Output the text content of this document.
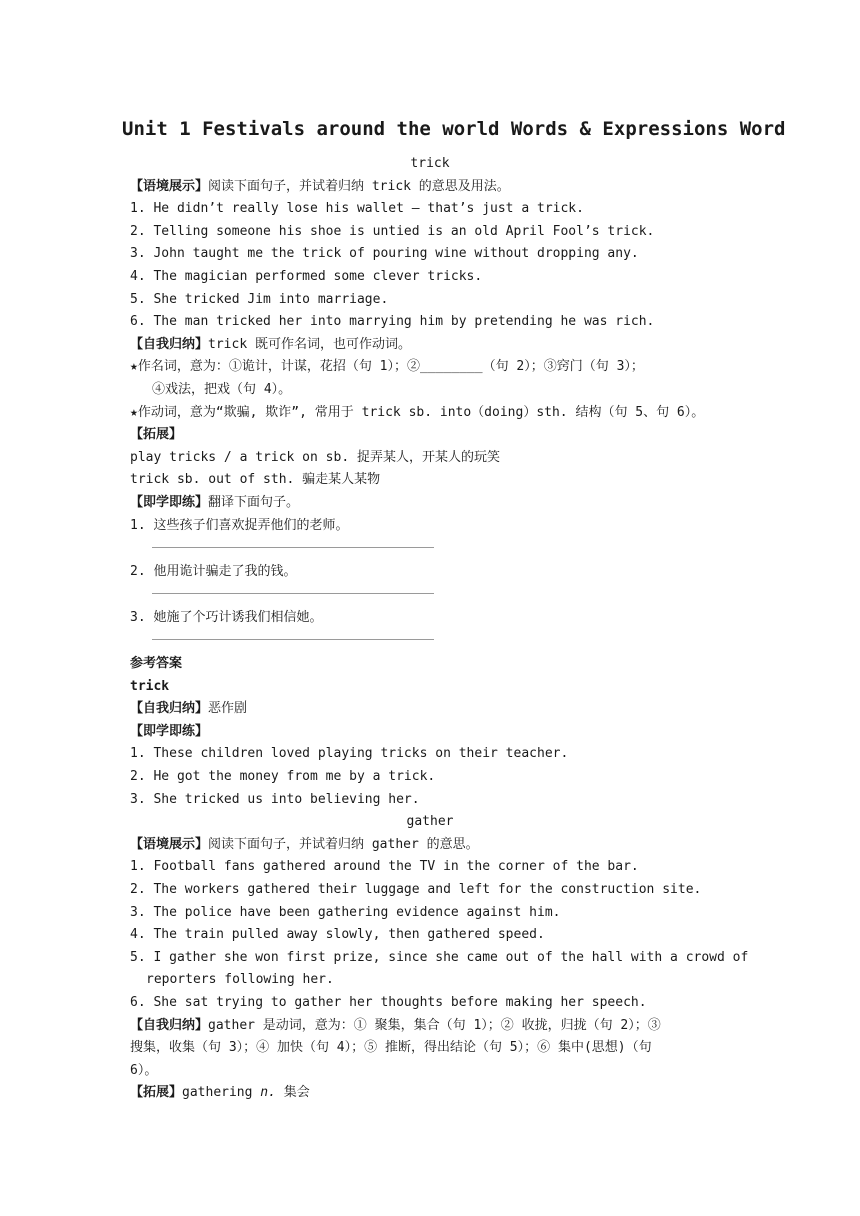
Unit 1 Festivals around the world Words & Expressions Word
trick
【语境展示】阅读下面句子，并试着归纳 trick 的意思及用法。
1. He didn’t really lose his wallet — that’s just a trick.
2. Telling someone his shoe is untied is an old April Fool’s trick.
3. John taught me the trick of pouring wine without dropping any.
4. The magician performed some clever tricks.
5. She tricked Jim into marriage.
6. The man tricked her into marrying him by pretending he was rich.
【自我归纳】trick 既可作名词，也可作动词。
★作名词，意为：①诡计，计谋，花招（句 1）；②________（句 2）；③窍门（句 3）；
④戏法，把戏（句 4）。
★作动词，意为“欺骗, 欺诈”, 常用于 trick sb. into（doing）sth. 结构（句 5、句 6）。
【拓展】
play tricks / a trick on sb. 捉弄某人，开某人的玩笑
trick sb. out of sth. 骗走某人某物
【即学即练】翻译下面句子。
1. 这些孩子们喜欢捉弄他们的老师。
2. 他用诡计骗走了我的钱。
3. 她施了个巧计诱我们相信她。
参考答案
trick
【自我归纳】恶作剧
【即学即练】
1. These children loved playing tricks on their teacher.
2. He got the money from me by a trick.
3. She tricked us into believing her.
gather
【语境展示】阅读下面句子，并试着归纳 gather 的意思。
1. Football fans gathered around the TV in the corner of the bar.
2. The workers gathered their luggage and left for the construction site.
3. The police have been gathering evidence against him.
4. The train pulled away slowly, then gathered speed.
5. I gather she won first prize, since she came out of the hall with a crowd of
reporters following her.
6. She sat trying to gather her thoughts before making her speech.
【自我归纳】gather 是动词，意为：① 聚集，集合（句 1）；② 收拢，归拢（句 2）；③
搜集，收集（句 3）；④ 加快（句 4）；⑤ 推断，得出结论（句 5）；⑥ 集中(思想)（句
6）。
【拓展】gathering n. 集会
